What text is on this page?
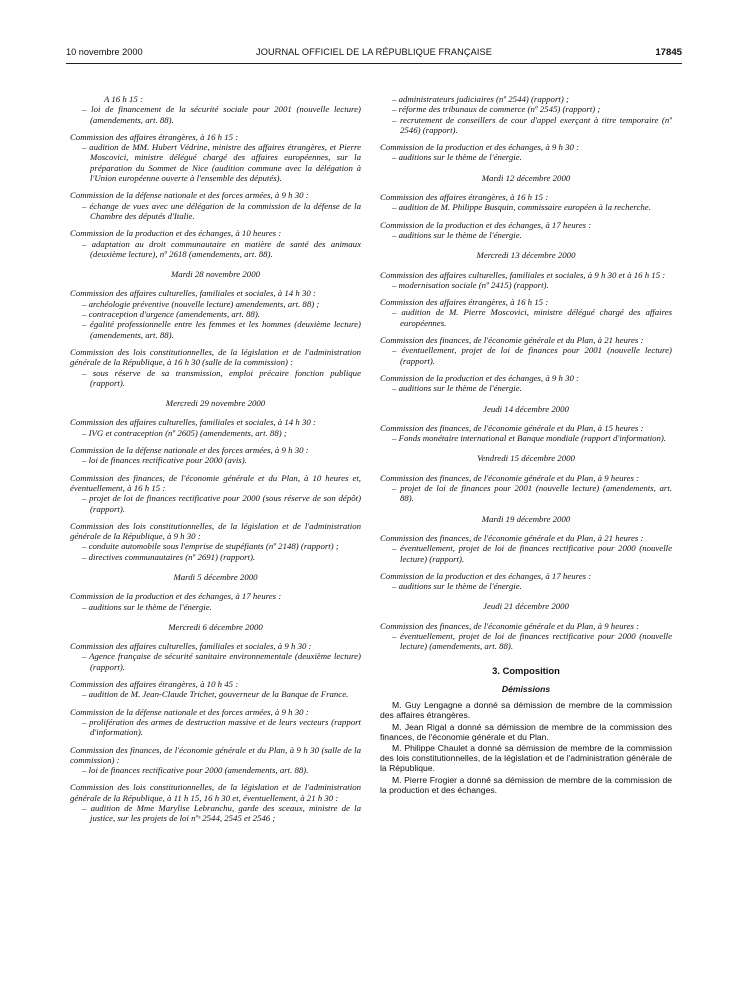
10 novembre 2000	JOURNAL OFFICIEL DE LA RÉPUBLIQUE FRANÇAISE	17845
A 16 h 15 :
– loi de financement de la sécurité sociale pour 2001 (nouvelle lecture) (amendements, art. 88).
Commission des affaires étrangères, à 16 h 15 :
– audition de MM. Hubert Védrine, ministre des affaires étrangères, et Pierre Moscovici, ministre délégué chargé des affaires européennes, sur la préparation du Sommet de Nice (audition commune avec la délégation à l'Union européenne ouverte à l'ensemble des députés).
Commission de la défense nationale et des forces armées, à 9 h 30 :
– échange de vues avec une délégation de la commission de la défense de la Chambre des députés d'Italie.
Commission de la production et des échanges, à 10 heures :
– adaptation au droit communautaire en matière de santé des animaux (deuxième lecture), nº 2618 (amendements, art. 88).
Mardi 28 novembre 2000
Commission des affaires culturelles, familiales et sociales, à 14 h 30 :
– archéologie préventive (nouvelle lecture) amendements, art. 88) ;
– contraception d'urgence (amendements, art. 88).
– égalité professionnelle entre les femmes et les hommes (deuxième lecture) (amendements, art. 88).
Commission des lois constitutionnelles, de la législation et de l'administration générale de la République, à 16 h 30 (salle de la commission) :
– sous réserve de sa transmission, emploi précaire fonction publique (rapport).
Mercredi 29 novembre 2000
Commission des affaires culturelles, familiales et sociales, à 14 h 30 :
– IVG et contraception (nº 2605) (amendements, art. 88) ;
Commission de la défense nationale et des forces armées, à 9 h 30 :
– loi de finances rectificative pour 2000 (avis).
Commission des finances, de l'économie générale et du Plan, à 10 heures et, éventuellement, à 16 h 15 :
– projet de loi de finances rectificative pour 2000 (sous réserve de son dépôt) (rapport).
Commission des lois constitutionnelles, de la législation et de l'administration générale de la République, à 9 h 30 :
– conduite automobile sous l'emprise de stupéfiants (nº 2148) (rapport) ;
– directives communautaires (nº 2691) (rapport).
Mardi 5 décembre 2000
Commission de la production et des échanges, à 17 heures :
– auditions sur le thème de l'énergie.
Mercredi 6 décembre 2000
Commission des affaires culturelles, familiales et sociales, à 9 h 30 :
– Agence française de sécurité sanitaire environnementale (deuxième lecture) (rapport).
Commission des affaires étrangères, à 10 h 45 :
– audition de M. Jean-Claude Trichet, gouverneur de la Banque de France.
Commission de la défense nationale et des forces armées, à 9 h 30 :
– prolifération des armes de destruction massive et de leurs vecteurs (rapport d'information).
Commission des finances, de l'économie générale et du Plan, à 9 h 30 (salle de la commission) :
– loi de finances rectificative pour 2000 (amendements, art. 88).
Commission des lois constitutionnelles, de la législation et de l'administration générale de la République, à 11 h 15, 16 h 30 et, éventuellement, à 21 h 30 :
– audition de Mme Marylise Lebranchu, garde des sceaux, ministre de la justice, sur les projets de loi nºˢ 2544, 2545 et 2546 ;
– administrateurs judiciaires (nº 2544) (rapport) ;
– réforme des tribunaux de commerce (nº 2545) (rapport) ;
– recrutement de conseillers de cour d'appel exerçant à titre temporaire (nº 2546) (rapport).
Commission de la production et des échanges, à 9 h 30 :
– auditions sur le thème de l'énergie.
Mardi 12 décembre 2000
Commission des affaires étrangères, à 16 h 15 :
– audition de M. Philippe Busquin, commissaire européen à la recherche.
Commission de la production et des échanges, à 17 heures :
– auditions sur le thème de l'énergie.
Mercredi 13 décembre 2000
Commission des affaires culturelles, familiales et sociales, à 9 h 30 et à 16 h 15 :
– modernisation sociale (nº 2415) (rapport).
Commission des affaires étrangères, à 16 h 15 :
– audition de M. Pierre Moscovici, ministre délégué chargé des affaires européennes.
Commission des finances, de l'économie générale et du Plan, à 21 heures :
– éventuellement, projet de loi de finances pour 2001 (nouvelle lecture) (rapport).
Commission de la production et des échanges, à 9 h 30 :
– auditions sur le thème de l'énergie.
Jeudi 14 décembre 2000
Commission des finances, de l'économie générale et du Plan, à 15 heures :
– Fonds monétaire international et Banque mondiale (rapport d'information).
Vendredi 15 décembre 2000
Commission des finances, de l'économie générale et du Plan, à 9 heures :
– projet de loi de finances pour 2001 (nouvelle lecture) (amendements, art. 88).
Mardi 19 décembre 2000
Commission des finances, de l'économie générale et du Plan, à 21 heures :
– éventuellement, projet de loi de finances rectificative pour 2000 (nouvelle lecture) (rapport).
Commission de la production et des échanges, à 17 heures :
– auditions sur le thème de l'énergie.
Jeudi 21 décembre 2000
Commission des finances, de l'économie générale et du Plan, à 9 heures :
– éventuellement, projet de loi de finances rectificative pour 2000 (nouvelle lecture) (amendements, art. 88).
3. Composition
Démissions

M. Guy Lengagne a donné sa démission de membre de la commission des affaires étrangères.

M. Jean Rigal a donné sa démission de membre de la commission des finances, de l'économie générale et du Plan.

M. Philippe Chaulet a donné sa démission de membre de la commission des lois constitutionnelles, de la législation et de l'administration générale de la République.

M. Pierre Frogier a donné sa démission de membre de la commission de la production et des échanges.
